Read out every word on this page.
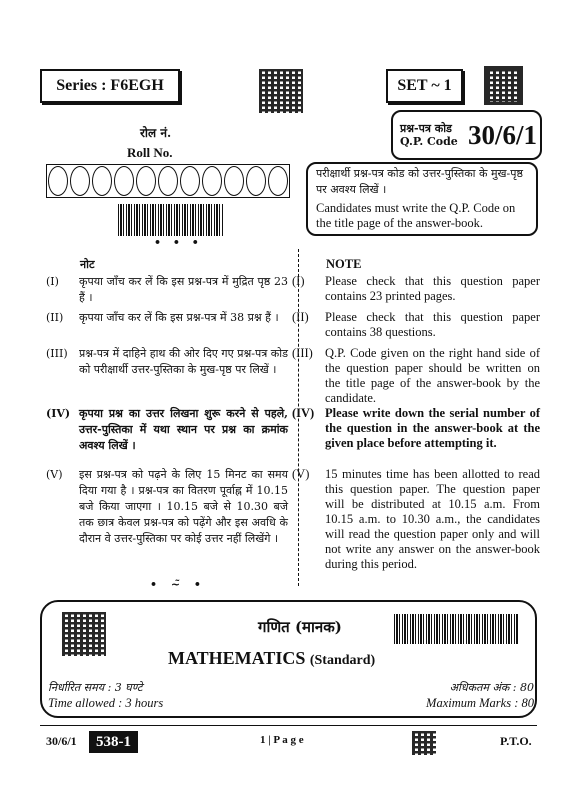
Series : F6EGH	SET ~ 1
प्रश्न-पत्र कोड
Q.P. Code 30/6/1
रोल नं.
Roll No.
• • •
परीक्षार्थी प्रश्न-पत्र कोड को उत्तर-पुस्तिका के मुख-पृष्ठ पर अवश्य लिखें ।
Candidates must write the Q.P. Code on the title page of the answer-book.
नोट	NOTE
(I)	कृपया जाँच कर लें कि इस प्रश्न-पत्र में मुद्रित पृष्ठ 23 हैं ।
(II)	कृपया जाँच कर लें कि इस प्रश्न-पत्र में 38 प्रश्न हैं ।
(III)	प्रश्न-पत्र में दाहिने हाथ की ओर दिए गए प्रश्न-पत्र कोड को परीक्षार्थी उत्तर-पुस्तिका के मुख-पृष्ठ पर लिखें ।
(IV) कृपया प्रश्न का उत्तर लिखना शुरू करने से पहले, उत्तर-पुस्तिका में यथा स्थान पर प्रश्न का क्रमांक अवश्य लिखें ।
(V)	इस प्रश्न-पत्र को पढ़ने के लिए 15 मिनट का समय दिया गया है । प्रश्न-पत्र का वितरण पूर्वाह्न में 10.15 बजे किया जाएगा । 10.15 बजे से 10.30 बजे तक छात्र केवल प्रश्न-पत्र को पढ़ेंगे और इस अवधि के दौरान वे उत्तर-पुस्तिका पर कोई उत्तर नहीं लिखेंगे ।
(I)	Please check that this question paper contains 23 printed pages.
(II)	Please check that this question paper contains 38 questions.
(III) Q.P. Code given on the right hand side of the question paper should be written on the title page of the answer-book by the candidate.
(IV) Please write down the serial number of the question in the answer-book at the given place before attempting it.
(V)	15 minutes time has been allotted to read this question paper. The question paper will be distributed at 10.15 a.m. From 10.15 a.m. to 10.30 a.m., the candidates will read the question paper only and will not write any answer on the answer-book during this period.
• ~̃ •
गणित (मानक)
MATHEMATICS (Standard)
निर्धारित समय : 3 घण्टे
Time allowed : 3 hours
अधिकतम अंक : 80
Maximum Marks : 80
30/6/1	538-1	1 | P a g e	P.T.O.
